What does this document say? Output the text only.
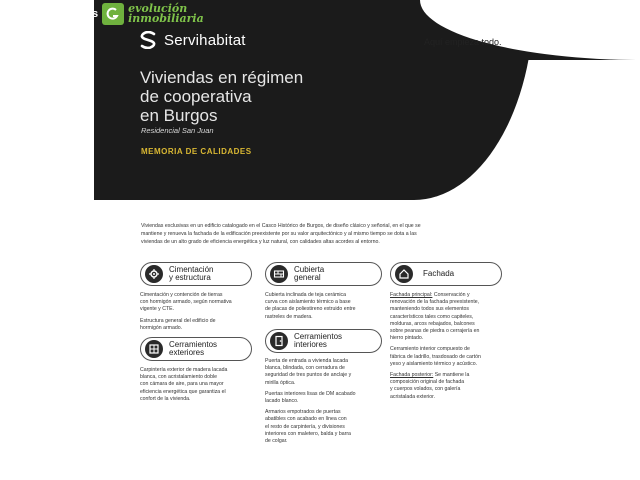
s	evolución
inmobiliaria
Servihabitat	Aquí empieza todo.
Viviendas en régimen
de cooperativa
en Burgos
Residencial San Juan
MEMORIA DE CALIDADES
Viviendas exclusivas en un edificio catalogado en el Casco Histórico de Burgos, de diseño clásico y señorial, en el que se
mantiene y renueva la fachada de la edificación preexistente por su valor arquitectónico y al mismo tiempo se dota a las
viviendas de un alto grado de eficiencia energética y luz natural, con calidades altas acordes al entorno.
Cimentación
y estructura
Cubierta
general	Fachada
Cerramientos
exteriores
Cerramientos
interiores

Cimentación y contención de tierras
con hormigón armado, según normativa
vigente y CTE.

Estructura general del edificio de
hormigón armado.

Cubierta inclinada de teja cerámica
curva con aislamiento térmico a base
de placas de poliestireno extruido entre
rastreles de madera.

Fachada principal: Conservación y
renovación de la fachada preexistente,
manteniendo todos sus elementos
característicos tales como capiteles,
molduras, arcos rebajados, balcones
sobre peanas de piedra o cerrajería en
hierro pintado.

Cerramiento interior compuesto de
fábrica de ladrillo, trasdosado de cartón
yeso y aislamiento térmico y acústico.

Fachada posterior: Se mantiene la
composición original de fachada
y cuerpos volados, con galería
acristalada exterior.

Carpintería exterior de madera lacada
blanca, con acristalamiento doble
con cámara de aire, para una mayor
eficiencia energética que garantiza el
confort de la vivienda.

Puerta de entrada a vivienda lacada
blanca, blindada, con cerradura de
seguridad de tres puntos de anclaje y
mirilla óptica.

Puertas interiores lisas de DM acabado
lacado blanco.

Armarios empotrados de puertas
abatibles con acabado en línea con
el resto de carpintería, y divisiones
interiores con maletero, balda y barra
de colgar.
